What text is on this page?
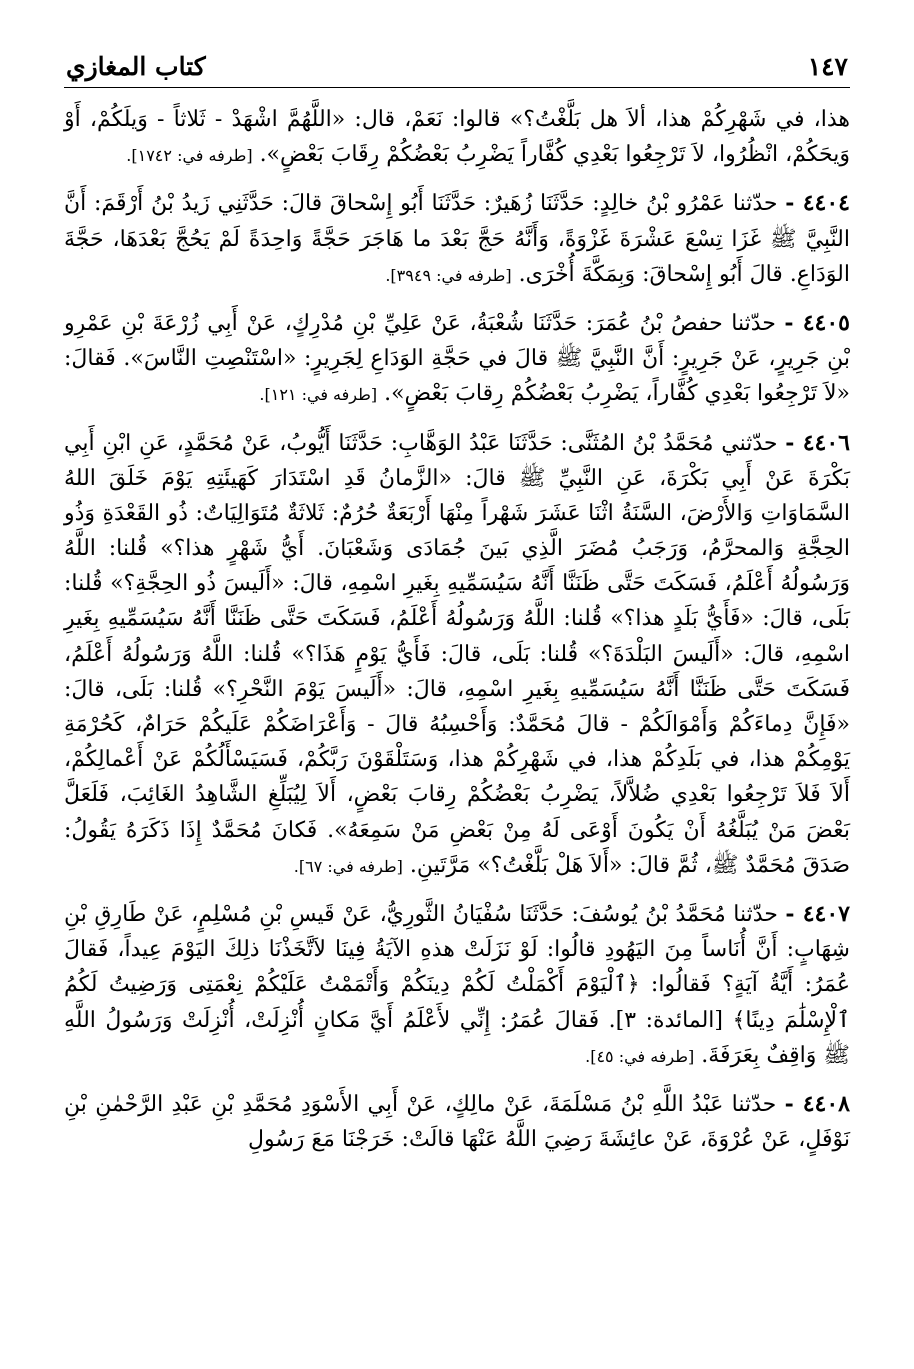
كتاب المغازي	١٤٧

هذا، في شَهْرِكُمْ هذا، ألاَ هل بَلَّغْتُ؟» قالوا: نَعَمْ، قال: «اللَّهُمَّ اشْهَدْ - ثَلاثاً - وَيلَكُمْ، أَوْ وَيحَكُمْ، انْظُرُوا، لاَ تَرْجِعُوا بَعْدِي كُفَّاراً يَضْرِبُ بَعْضُكُمْ رِقَابَ بَعْضٍ». [طرفه في: ١٧٤٢].

٤٤٠٤ - حدّثنا عَمْرُو بْنُ خالِدٍ: حَدَّثَنَا زُهَيرٌ: حَدَّثَنَا أَبُو إِسْحاقَ قالَ: حَدَّثَنِي زَيدُ بْنُ أَرْقَمَ: أَنَّ النَّبِيَّ ﷺ غَزَا تِسْعَ عَشْرَةَ غَزْوَةً، وَأَنَّهُ حَجَّ بَعْدَ ما هَاجَرَ حَجَّةً وَاحِدَةً لَمْ يَحُجَّ بَعْدَهَا، حَجَّةَ الوَدَاعِ. قالَ أَبُو إِسْحاقَ: وَبِمَكَّةَ أُخْرَى. [طرفه في: ٣٩٤٩].

٤٤٠٥ - حدّثنا حفصُ بْنُ عُمَرَ: حَدَّثَنَا شُعْبَةُ، عَنْ عَلِيِّ بْنِ مُدْرِكٍ، عَنْ أَبِي زُرْعَةَ بْنِ عَمْرِو بْنِ جَرِيرٍ، عَنْ جَرِيرٍ: أَنَّ النَّبِيَّ ﷺ قالَ في حَجَّةِ الوَدَاعِ لِجَرِيرٍ: «اسْتَنْصِتِ النَّاسَ». فَقالَ: «لاَ تَرْجِعُوا بَعْدِي كُفَّاراً، يَضْرِبُ بَعْضُكُمْ رِقابَ بَعْضٍ». [طرفه في: ١٢١].

٤٤٠٦ - حدّثني مُحَمَّدُ بْنُ المُثَنَّى: حَدَّثَنَا عَبْدُ الوَهَّابِ: حَدَّثَنَا أَيُّوبُ، عَنْ مُحَمَّدٍ، عَنِ ابْنِ أَبِي بَكْرَةَ عَنْ أَبِي بَكْرَةَ، عَنِ النَّبِيِّ ﷺ قالَ: «الزَّمانُ قَدِ اسْتَدَارَ كَهَيئَتِهِ يَوْمَ خَلَقَ اللهُ السَّمَاوَاتِ وَالأَرْضَ، السَّنَةُ اثْنَا عَشَرَ شَهْراً مِنْهَا أَرْبَعَةٌ حُرُمٌ: ثَلاثَةٌ مُتَوَالِيَاتٌ: ذُو القَعْدَةِ وَذُو الحِجَّةِ وَالمحرَّمُ، وَرَجَبُ مُضَرَ الَّذِي بَينَ جُمَادَى وَشَعْبَانَ. أَيُّ شَهْرٍ هذا؟» قُلنا: اللَّهُ وَرَسُولُهُ أَعْلَمُ، فَسَكَتَ حَتَّى ظَنَنَّا أَنَّهُ سَيُسَمِّيهِ بِغَيرِ اسْمِهِ، قالَ: «أَلَيسَ ذُو الحِجَّةِ؟» قُلنا: بَلَى، قالَ: «فَأَيُّ بَلَدٍ هذا؟» قُلنا: اللَّهُ وَرَسُولُهُ أَعْلَمُ، فَسَكَتَ حَتَّى ظَنَنَّا أَنَّهُ سَيُسَمِّيهِ بِغَيرِ اسْمِهِ، قالَ: «أَلَيسَ البَلْدَةَ؟» قُلنا: بَلَى، قالَ: فَأَيُّ يَوْمٍ هَذَا؟» قُلنا: اللَّهُ وَرَسُولُهُ أَعْلَمُ، فَسَكَتَ حَتَّى ظَنَنَّا أَنَّهُ سَيُسَمِّيهِ بِغَيرِ اسْمِهِ، قالَ: «أَلَيسَ يَوْمَ النَّحْرِ؟» قُلنا: بَلَى، قالَ: «فَإِنَّ دِماءَكُمْ وَأَمْوَالَكُمْ - قالَ مُحَمَّدٌ: وَأَحْسِبُهُ قالَ - وَأَعْرَاضَكُمْ عَلَيكُمْ حَرَامٌ، كَحُرْمَةِ يَوْمِكُمْ هذا، في بَلَدِكُمْ هذا، في شَهْرِكُمْ هذا، وَسَتَلْقَوْنَ رَبَّكُمْ، فَسَيَسْأَلُكُمْ عَنْ أَعْمالِكُمْ، أَلاَ فَلاَ تَرْجِعُوا بَعْدِي ضُلاَّلاً، يَضْرِبُ بَعْضُكُمْ رِقابَ بَعْضٍ، أَلاَ لِيُبَلِّغِ الشَّاهِدُ الغَائِبَ، فَلَعَلَّ بَعْضَ مَنْ يُبَلَّغُهُ أَنْ يَكُونَ أَوْعَى لَهُ مِنْ بَعْضِ مَنْ سَمِعَهُ». فَكانَ مُحَمَّدٌ إِذَا ذَكَرَهُ يَقُولُ: صَدَقَ مُحَمَّدٌ ﷺ، ثُمَّ قالَ: «أَلاَ هَلْ بَلَّغْتُ؟» مَرَّتَينِ. [طرفه في: ٦٧].

٤٤٠٧ - حدّثنا مُحَمَّدُ بْنُ يُوسُفَ: حَدَّثَنَا سُفْيَانُ الثَّورِيُّ، عَنْ قَيسِ بْنِ مُسْلِمٍ، عَنْ طَارِقِ بْنِ شِهَابٍ: أَنَّ أُنَاساً مِنَ اليَهُودِ قالُوا: لَوْ نَزَلَتْ هذهِ الآيَةُ فِينَا لاَتَّخَذْنَا ذلِكَ اليَوْمَ عِيداً، فَقالَ عُمَرُ: أَيَّةُ آيَةٍ؟ فَقالُوا: ﴿ٱلْيَوْمَ أَكْمَلْتُ لَكُمْ دِينَكُمْ وَأَتْمَمْتُ عَلَيْكُمْ نِعْمَتِى وَرَضِيتُ لَكُمُ ٱلْإِسْلَٰمَ دِينًا﴾ [المائدة: ٣]. فَقالَ عُمَرُ: إِنِّي لأَعْلَمُ أَيَّ مَكانٍ أُنْزِلَتْ، أُنْزِلَتْ وَرَسُولُ اللَّهِ ﷺ وَاقِفٌ بِعَرَفَةَ. [طرفه في: ٤٥].

٤٤٠٨ - حدّثنا عَبْدُ اللَّهِ بْنُ مَسْلَمَةَ، عَنْ مالِكٍ، عَنْ أَبِي الأَسْوَدِ مُحَمَّدِ بْنِ عَبْدِ الرَّحْمٰنِ بْنِ نَوْفَلٍ، عَنْ عُرْوَةَ، عَنْ عائِشَةَ رَضِيَ اللَّهُ عَنْهَا قالَتْ: خَرَجْنَا مَعَ رَسُولِ
